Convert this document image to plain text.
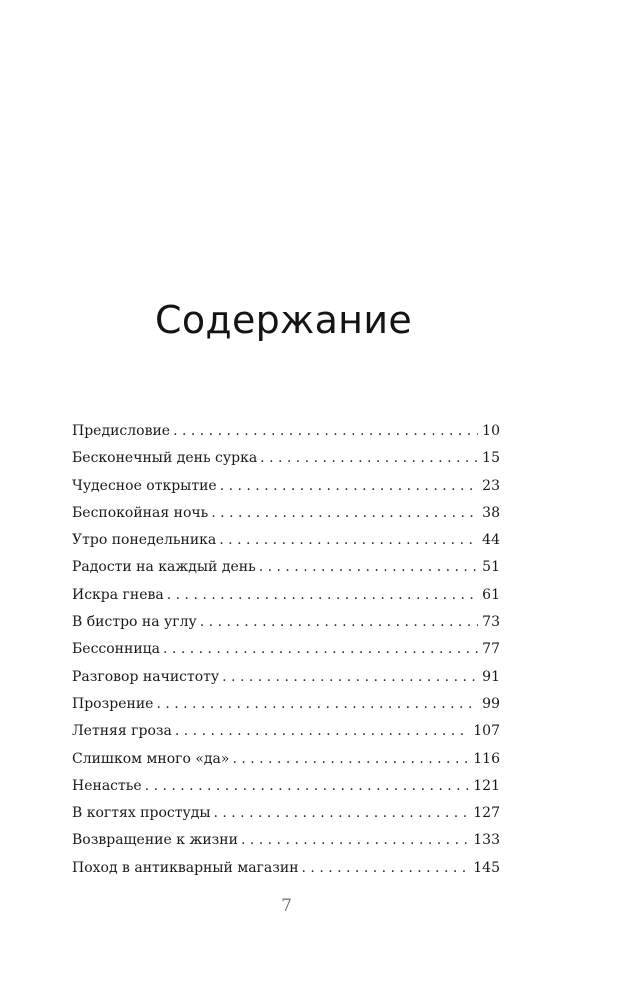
Содержание
Предисловие . . .	10
Бесконечный день сурка . . .	15
Чудесное открытие . . .	23
Беспокойная ночь . . .	38
Утро понедельника . . .	44
Радости на каждый день . . .	51
Искра гнева . . .	61
В бистро на углу . . .	73
Бессонница . . .	77
Разговор начистоту . . .	91
Прозрение . . .	99
Летняя гроза . . .	107
Слишком много «да» . . .	116
Ненастье . . .	121
В когтях простуды . . .	127
Возвращение к жизни . . .	133
Поход в антикварный магазин . . .	145
7
